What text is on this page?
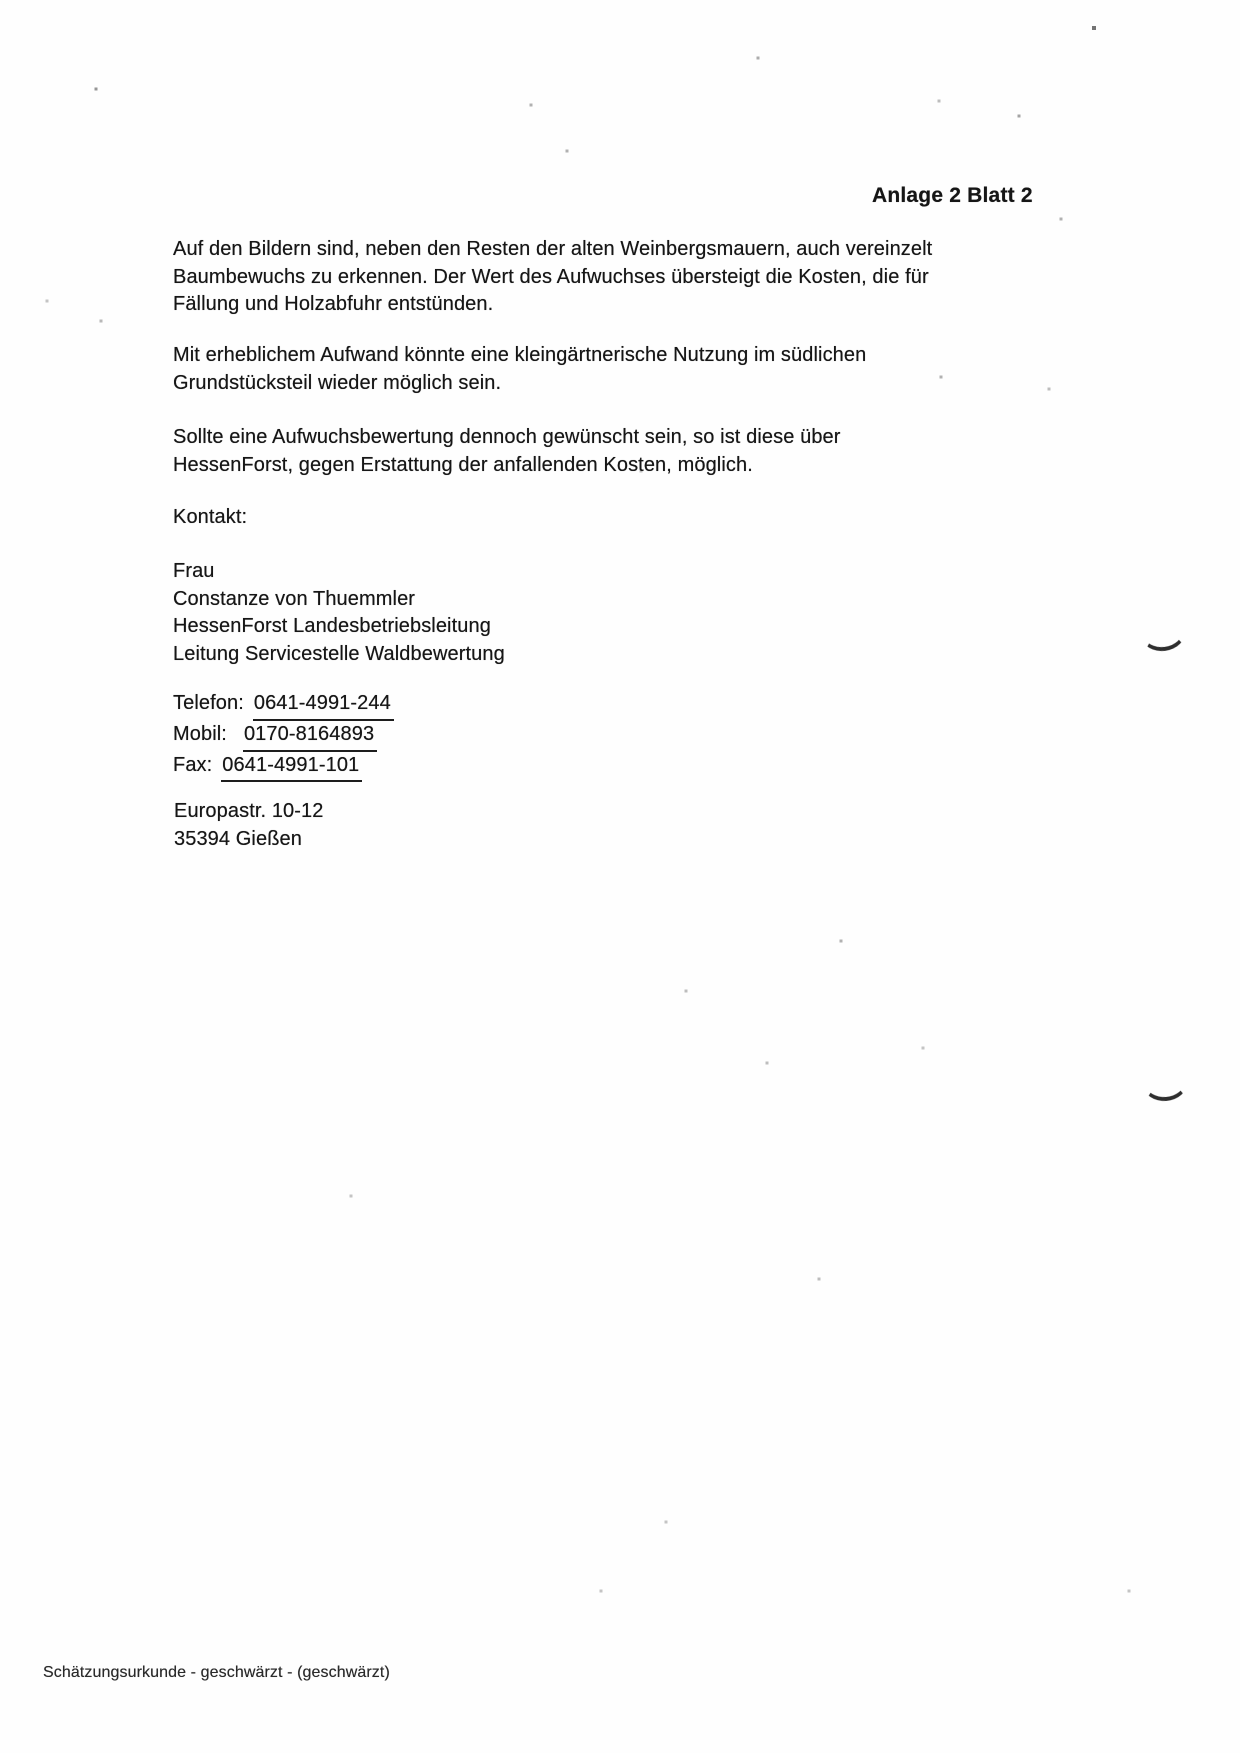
Anlage 2 Blatt 2
Auf den Bildern sind, neben den Resten der alten Weinbergsmauern, auch vereinzelt
Baumbewuchs zu erkennen. Der Wert des Aufwuchses übersteigt die Kosten, die für
Fällung und Holzabfuhr entstünden.
Mit erheblichem Aufwand könnte eine kleingärtnerische Nutzung im südlichen
Grundstücksteil wieder möglich sein.
Sollte eine Aufwuchsbewertung dennoch gewünscht sein, so ist diese über
HessenForst, gegen Erstattung der anfallenden Kosten, möglich.
Kontakt:
Frau
Constanze von Thuemmler
HessenForst Landesbetriebsleitung
Leitung Servicestelle Waldbewertung
Telefon: 0641-4991-244
Mobil: 0170-8164893
Fax: 0641-4991-101
Europastr. 10-12
35394 Gießen
Schätzungsurkunde - geschwärzt - (geschwärzt)
